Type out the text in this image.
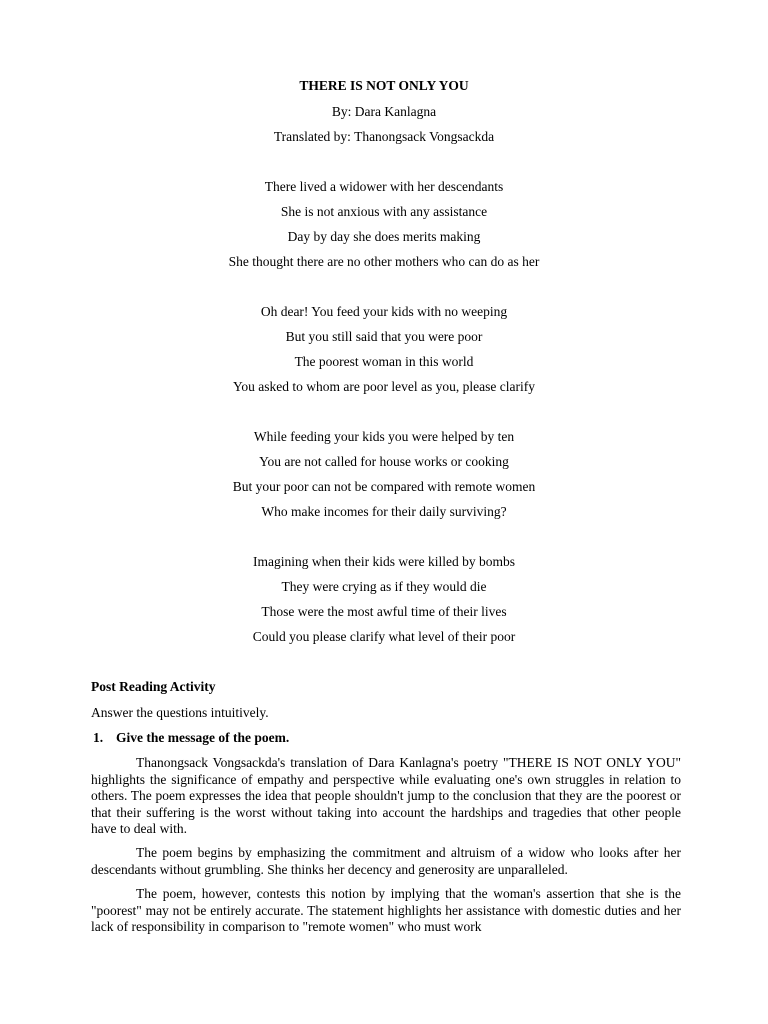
THERE IS NOT ONLY YOU
By: Dara Kanlagna
Translated by: Thanongsack Vongsackda
There lived a widower with her descendants
She is not anxious with any assistance
Day by day she does merits making
She thought there are no other mothers who can do as her
Oh dear! You feed your kids with no weeping
But you still said that you were poor
The poorest woman in this world
You asked to whom are poor level as you, please clarify
While feeding your kids you were helped by ten
You are not called for house works or cooking
But your poor can not be compared with remote women
Who make incomes for their daily surviving?
Imagining when their kids were killed by bombs
They were crying as if they would die
Those were the most awful time of their lives
Could you please clarify what level of their poor
Post Reading Activity
Answer the questions intuitively.
1. Give the message of the poem.

Thanongsack Vongsackda's translation of Dara Kanlagna's poetry "THERE IS NOT ONLY YOU" highlights the significance of empathy and perspective while evaluating one's own struggles in relation to others. The poem expresses the idea that people shouldn't jump to the conclusion that they are the poorest or that their suffering is the worst without taking into account the hardships and tragedies that other people have to deal with.

The poem begins by emphasizing the commitment and altruism of a widow who looks after her descendants without grumbling. She thinks her decency and generosity are unparalleled.

The poem, however, contests this notion by implying that the woman's assertion that she is the "poorest" may not be entirely accurate. The statement highlights her assistance with domestic duties and her lack of responsibility in comparison to "remote women" who must work
